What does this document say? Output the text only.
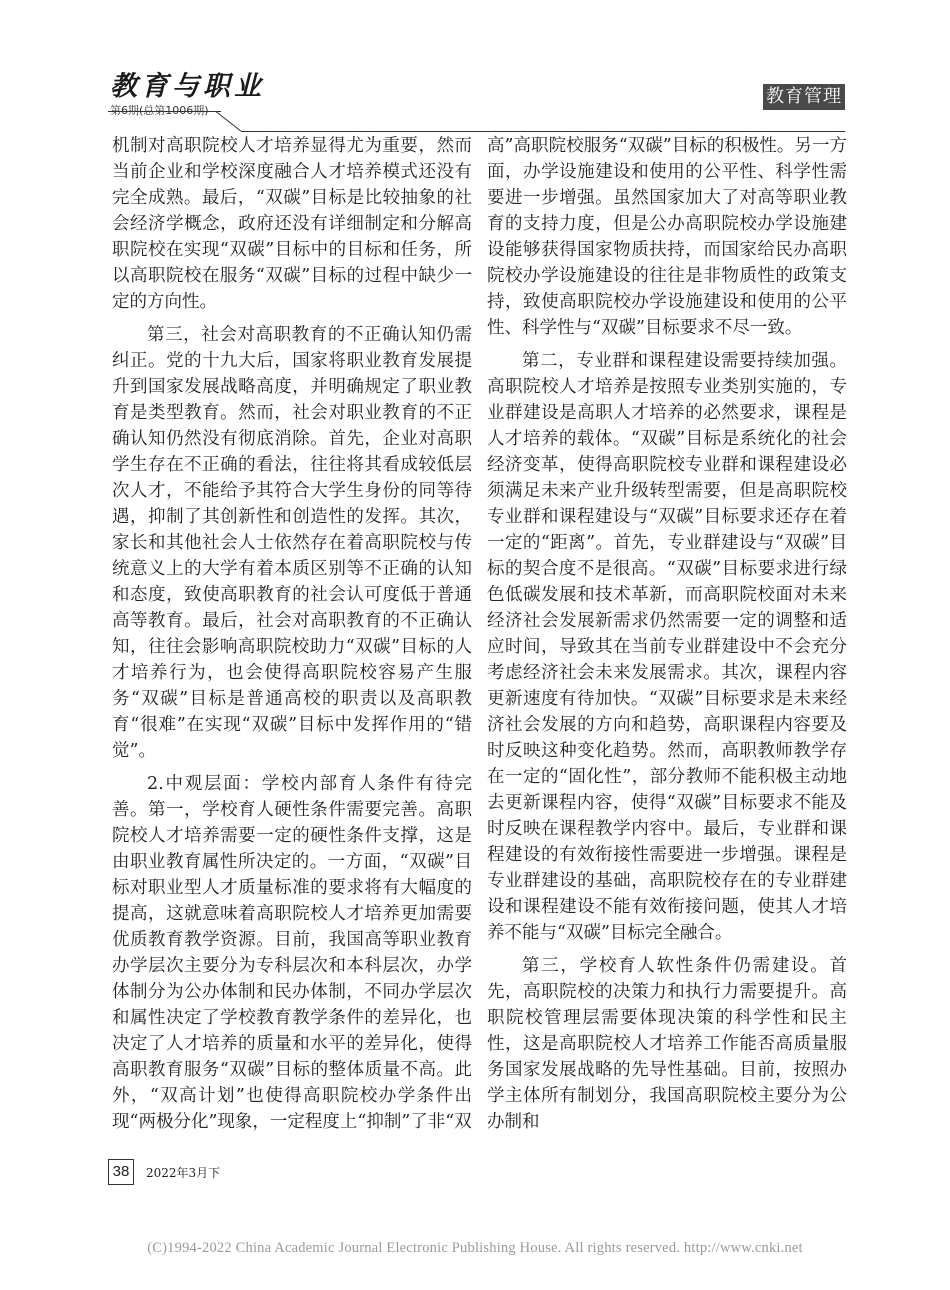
教育与职业
第6期(总第1006期)
教育管理

机制对高职院校人才培养显得尤为重要，然而当前企业和学校深度融合人才培养模式还没有完全成熟。最后，“双碳”目标是比较抽象的社会经济学概念，政府还没有详细制定和分解高职院校在实现“双碳”目标中的目标和任务，所以高职院校在服务“双碳”目标的过程中缺少一定的方向性。

第三，社会对高职教育的不正确认知仍需纠正。党的十九大后，国家将职业教育发展提升到国家发展战略高度，并明确规定了职业教育是类型教育。然而，社会对职业教育的不正确认知仍然没有彻底消除。首先，企业对高职学生存在不正确的看法，往往将其看成较低层次人才，不能给予其符合大学生身份的同等待遇，抑制了其创新性和创造性的发挥。其次，家长和其他社会人士依然存在着高职院校与传统意义上的大学有着本质区别等不正确的认知和态度，致使高职教育的社会认可度低于普通高等教育。最后，社会对高职教育的不正确认知，往往会影响高职院校助力“双碳”目标的人才培养行为，也会使得高职院校容易产生服务“双碳”目标是普通高校的职责以及高职教育“很难”在实现“双碳”目标中发挥作用的“错觉”。

2.中观层面：学校内部育人条件有待完善。第一，学校育人硬性条件需要完善。高职院校人才培养需要一定的硬性条件支撑，这是由职业教育属性所决定的。一方面，“双碳”目标对职业型人才质量标准的要求将有大幅度的提高，这就意味着高职院校人才培养更加需要优质教育教学资源。目前，我国高等职业教育办学层次主要分为专科层次和本科层次，办学体制分为公办体制和民办体制，不同办学层次和属性决定了学校教育教学条件的差异化，也决定了人才培养的质量和水平的差异化，使得高职教育服务“双碳”目标的整体质量不高。此外，“双高计划”也使得高职院校办学条件出现“两极分化”现象，一定程度上“抑制”了非“双

高”高职院校服务“双碳”目标的积极性。另一方面，办学设施建设和使用的公平性、科学性需要进一步增强。虽然国家加大了对高等职业教育的支持力度，但是公办高职院校办学设施建设能够获得国家物质扶持，而国家给民办高职院校办学设施建设的往往是非物质性的政策支持，致使高职院校办学设施建设和使用的公平性、科学性与“双碳”目标要求不尽一致。

第二，专业群和课程建设需要持续加强。高职院校人才培养是按照专业类别实施的，专业群建设是高职人才培养的必然要求，课程是人才培养的载体。“双碳”目标是系统化的社会经济变革，使得高职院校专业群和课程建设必须满足未来产业升级转型需要，但是高职院校专业群和课程建设与“双碳”目标要求还存在着一定的“距离”。首先，专业群建设与“双碳”目标的契合度不是很高。“双碳”目标要求进行绿色低碳发展和技术革新，而高职院校面对未来经济社会发展新需求仍然需要一定的调整和适应时间，导致其在当前专业群建设中不会充分考虑经济社会未来发展需求。其次，课程内容更新速度有待加快。“双碳”目标要求是未来经济社会发展的方向和趋势，高职课程内容要及时反映这种变化趋势。然而，高职教师教学存在一定的“固化性”，部分教师不能积极主动地去更新课程内容，使得“双碳”目标要求不能及时反映在课程教学内容中。最后，专业群和课程建设的有效衔接性需要进一步增强。课程是专业群建设的基础，高职院校存在的专业群建设和课程建设不能有效衔接问题，使其人才培养不能与“双碳”目标完全融合。

第三，学校育人软性条件仍需建设。首先，高职院校的决策力和执行力需要提升。高职院校管理层需要体现决策的科学性和民主性，这是高职院校人才培养工作能否高质量服务国家发展战略的先导性基础。目前，按照办学主体所有制划分，我国高职院校主要分为公办制和

38	2022年3月下
(C)1994-2022 China Academic Journal Electronic Publishing House. All rights reserved. http://www.cnki.net
